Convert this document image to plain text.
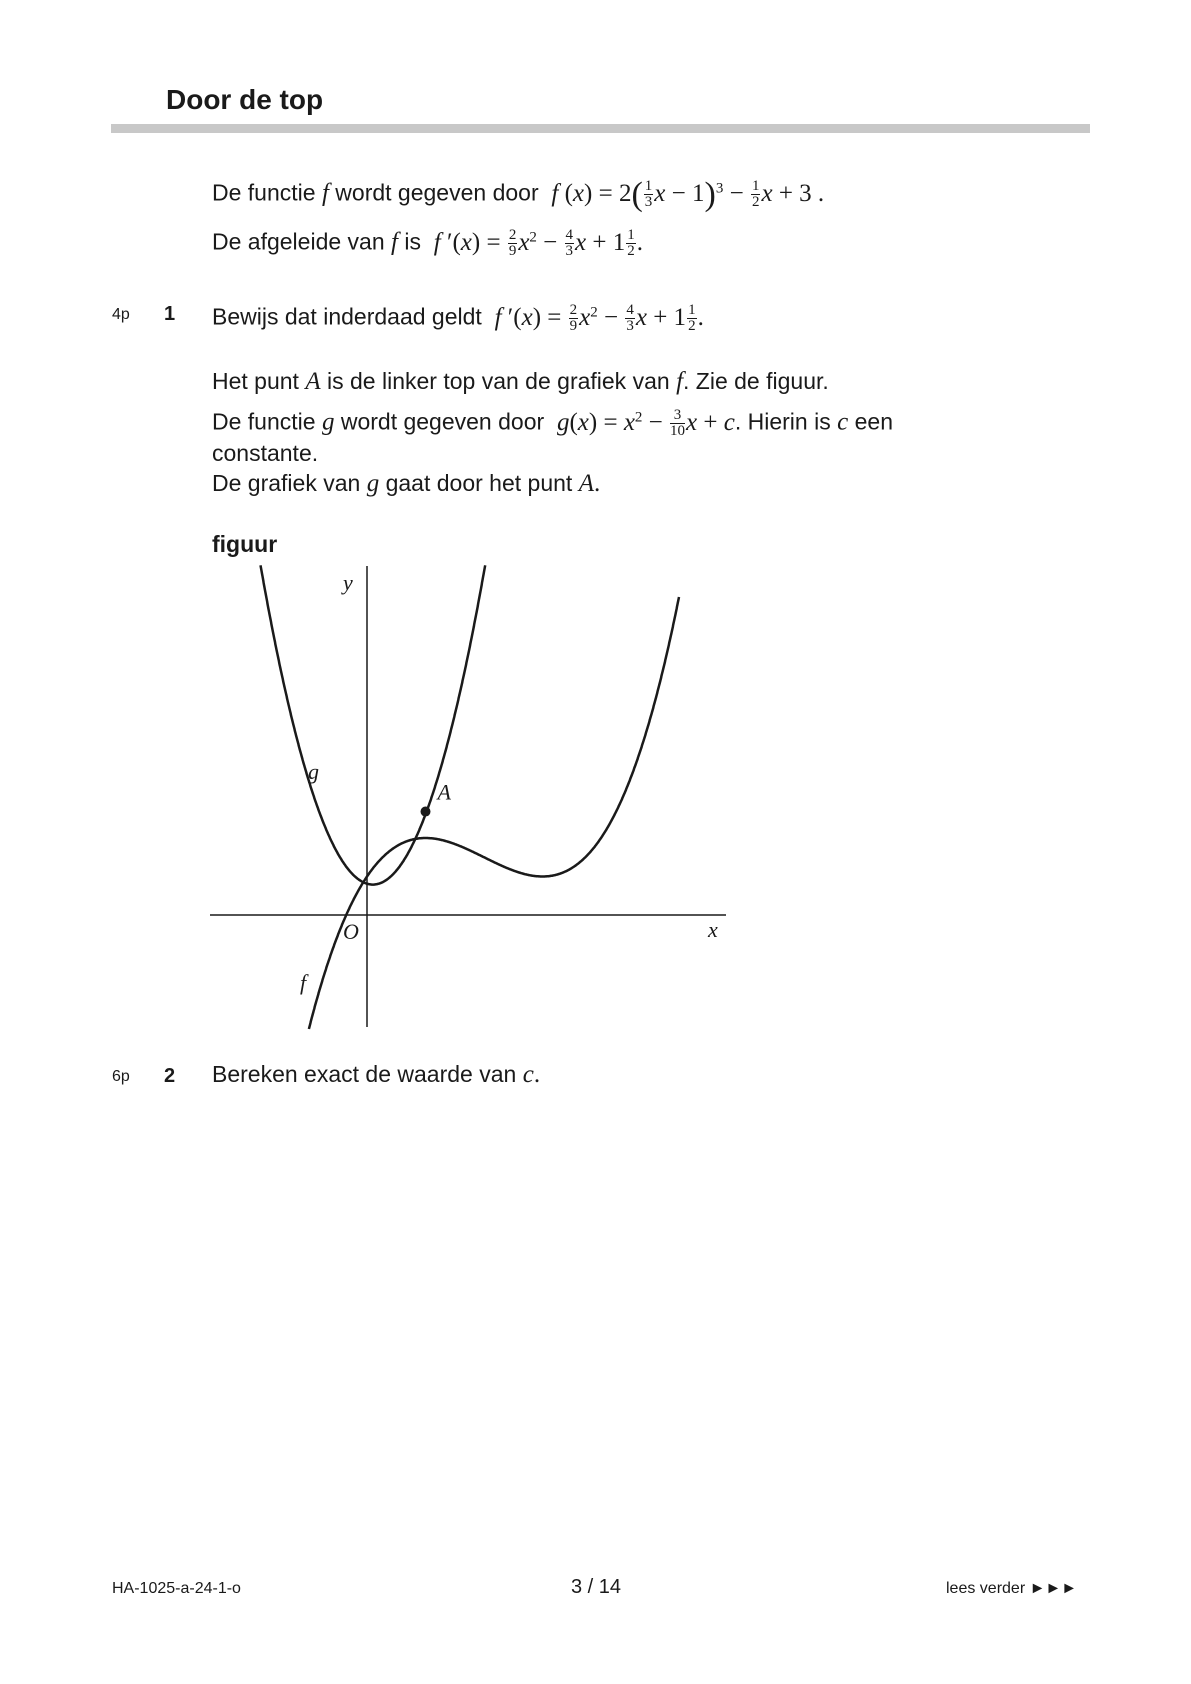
Door de top
De functie f wordt gegeven door f $(x) = 2( \frac{1}{3}$ $x - 1)^3 - \frac{1}{2}$ x + 3 .
De afgeleide van f is f $'(x) = \frac{2}{9} x^2 - \frac{4}{3}$ $x + 1 \frac{1}{2}$ .
4p 1 Bewijs dat inderdaad geldt f $'(x) = \frac{2}{9} x^2 - \frac{4}{3}$ $x + 1 \frac{1}{2}$ .
Het punt A is de linker top van de grafiek van f. Zie de figuur.
De functie g wordt gegeven door $g(x) = x^2 - \frac{3}{10}$ x + c. Hierin is c een
constante.
De grafiek van g gaat door het punt A.
figuur
y
x
O
g
f
A
6p 2 Bereken exact de waarde van c.
HA-1025-a-24-1-o	3 / 14	lees verder ►►►
